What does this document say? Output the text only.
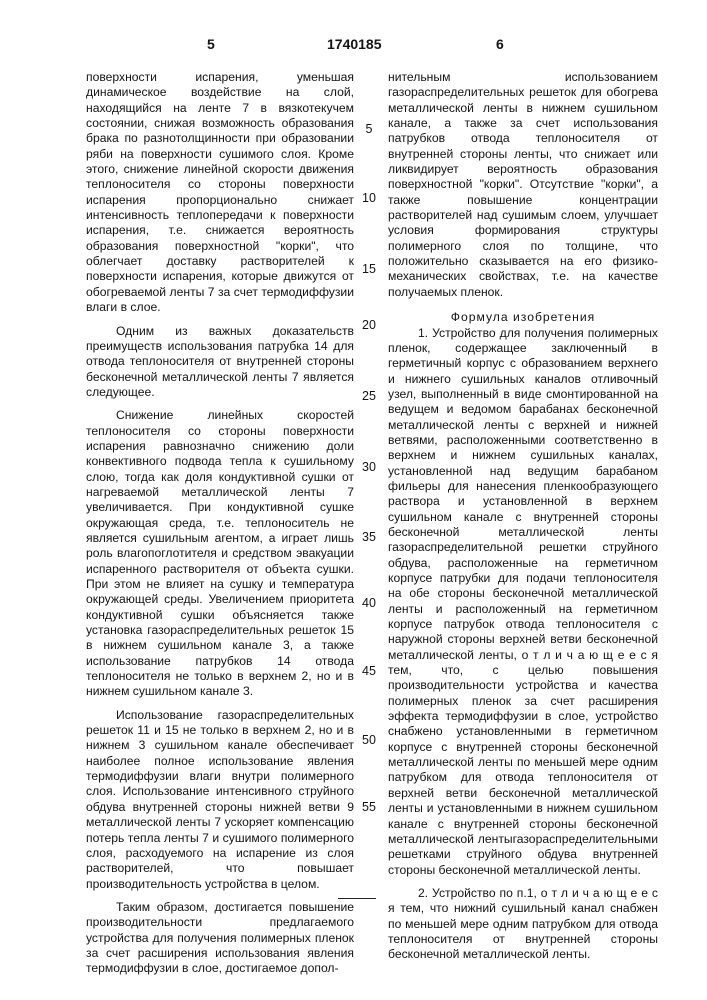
5	1740185	6

поверхности испарения, уменьшая динамическое воздействие на слой, находящийся на ленте 7 в вязкотекучем состоянии, снижая возможность образования брака по разнотолщинности при образовании ряби на поверхности сушимого слоя. Кроме этого, снижение линейной скорости движения теплоносителя со стороны поверхности испарения пропорционально снижает интенсивность теплопередачи к поверхности испарения, т.е. снижается вероятность образования поверхностной "корки", что облегчает доставку растворителей к поверхности испарения, которые движутся от обогреваемой ленты 7 за счет термодиффузии влаги в слое.

Одним из важных доказательств преимуществ использования патрубка 14 для отвода теплоносителя от внутренней стороны бесконечной металлической ленты 7 является следующее.

Снижение линейных скоростей теплоносителя со стороны поверхности испарения равнозначно снижению доли конвективного подвода тепла к сушильному слою, тогда как доля кондуктивной сушки от нагреваемой металлической ленты 7 увеличивается. При кондуктивной сушке окружающая среда, т.е. теплоноситель не является сушильным агентом, а играет лишь роль влагопоглотителя и средством эвакуации испаренного растворителя от объекта сушки. При этом не влияет на сушку и температура окружающей среды. Увеличением приоритета кондуктивной сушки объясняется также установка газораспределительных решеток 15 в нижнем сушильном канале 3, а также использование патрубков 14 отвода теплоносителя не только в верхнем 2, но и в нижнем сушильном канале 3.

Использование газораспределительных решеток 11 и 15 не только в верхнем 2, но и в нижнем 3 сушильном канале обеспечивает наиболее полное использование явления термодиффузии влаги внутри полимерного слоя. Использование интенсивного струйного обдува внутренней стороны нижней ветви 9 металлической ленты 7 ускоряет компенсацию потерь тепла ленты 7 и сушимого полимерного слоя, расходуемого на испарение из слоя растворителей, что повышает производительность устройства в целом.

Таким образом, достигается повышение производительности предлагаемого устройства для получения полимерных пленок за счет расширения использования явления термодиффузии в слое, достигаемое допол-

нительным использованием газораспределительных решеток для обогрева металлической ленты в нижнем сушильном канале, а также за счет использования патрубков отвода теплоносителя от внутренней стороны ленты, что снижает или ликвидирует вероятность образования поверхностной "корки". Отсутствие "корки", а также повышение концентрации растворителей над сушимым слоем, улучшает условия формирования структуры полимерного слоя по толщине, что положительно сказывается на его физико-механических свойствах, т.е. на качестве получаемых пленок.

Формула изобретения

1. Устройство для получения полимерных пленок, содержащее заключенный в герметичный корпус с образованием верхнего и нижнего сушильных каналов отливочный узел, выполненный в виде смонтированной на ведущем и ведомом барабанах бесконечной металлической ленты с верхней и нижней ветвями, расположенными соответственно в верхнем и нижнем сушильных каналах, установленной над ведущим барабаном фильеры для нанесения пленкообразующего раствора и установленной в верхнем сушильном канале с внутренней стороны бесконечной металлической ленты газораспределительной решетки струйного обдува, расположенные на герметичном корпусе патрубки для подачи теплоносителя на обе стороны бесконечной металлической ленты и расположенный на герметичном корпусе патрубок отвода теплоносителя с наружной стороны верхней ветви бесконечной металлической ленты, о т л и ч а ю щ е е с я тем, что, с целью повышения производительности устройства и качества полимерных пленок за счет расширения эффекта термодиффузии в слое, устройство снабжено установленными в герметичном корпусе с внутренней стороны бесконечной металлической ленты по меньшей мере одним патрубком для отвода теплоносителя от верхней ветви бесконечной металлической ленты и установленными в нижнем сушильном канале с внутренней стороны бесконечной металлической лентыгазораспределительными решетками струйного обдува внутренней стороны бесконечной металлической ленты.

2. Устройство по п.1, о т л и ч а ю щ е е с я тем, что нижний сушильный канал снабжен по меньшей мере одним патрубком для отвода теплоносителя от внутренней стороны бесконечной металлической ленты.

5
10
15
20
25
30
35
40
45
50
55
